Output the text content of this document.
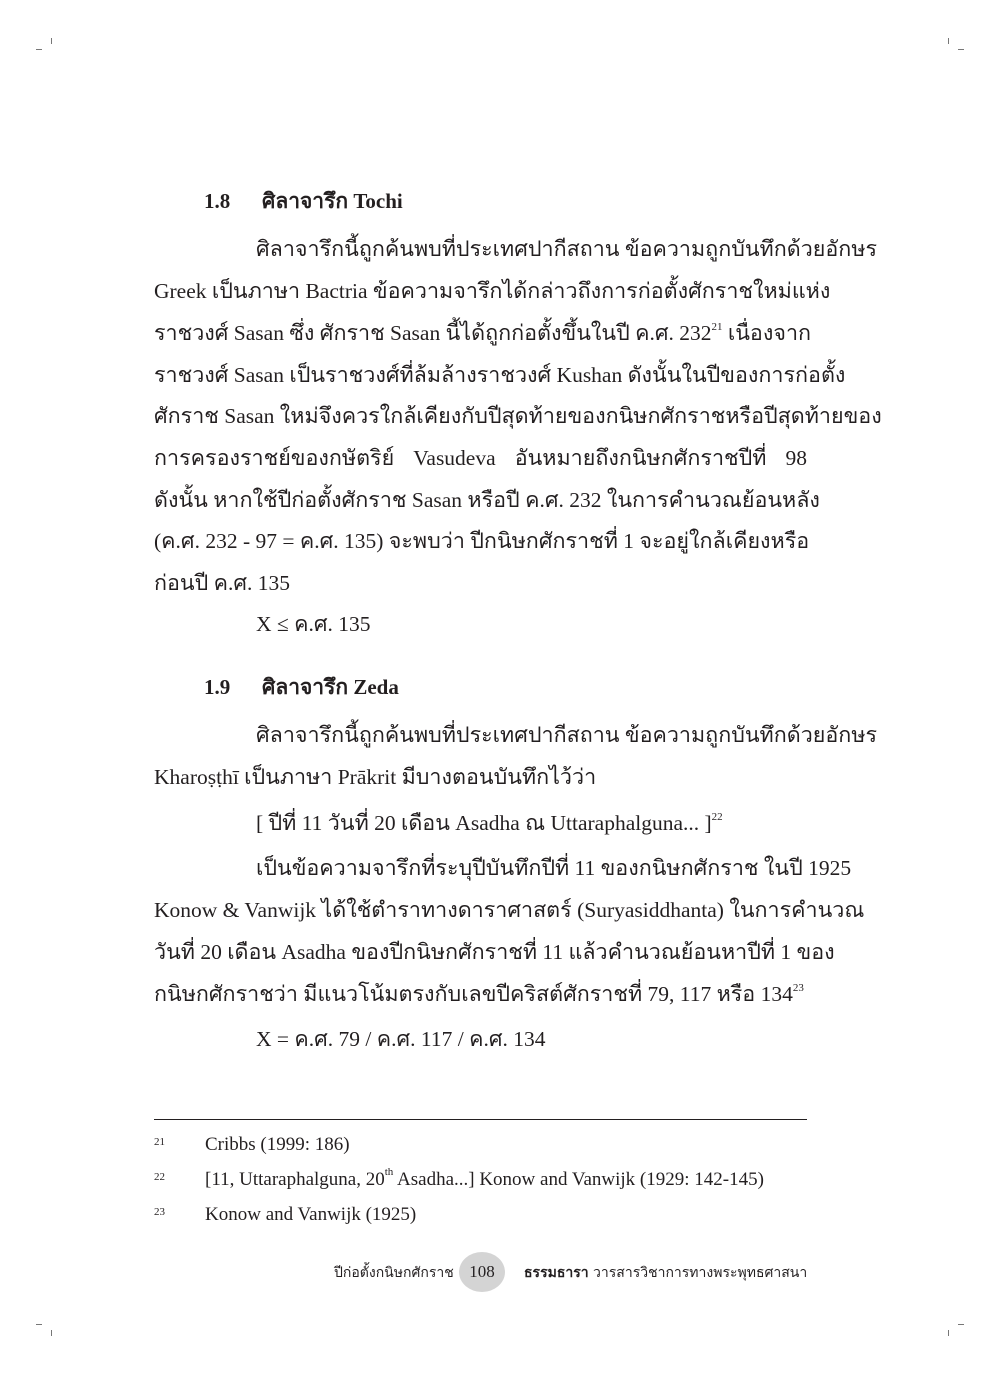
1.8 ศิลาจารึก Tochi
ศิลาจารึกนี้ถูกค้นพบที่ประเทศปากีสถาน ข้อความถูกบันทึกด้วยอักษร
Greek เป็นภาษา Bactria ข้อความจารึกได้กล่าวถึงการก่อตั้งศักราชใหม่แห่ง
ราชวงศ์ Sasan ซึ่ง ศักราช Sasan นี้ได้ถูกก่อตั้งขึ้นในปี ค.ศ. $232^{21}$ เนื่องจาก
ราชวงศ์ Sasan เป็นราชวงศ์ที่ล้มล้างราชวงศ์ Kushan ดังนั้นในปีของการก่อตั้ง
ศักราช Sasan ใหม่จึงควรใกล้เคียงกับปีสุดท้ายของกนิษกศักราชหรือปีสุดท้ายของ
การครองราชย์ของกษัตริย์ Vasudeva อันหมายถึงกนิษกศักราชปีที่ 98
ดังนั้น หากใช้ปีก่อตั้งศักราช Sasan หรือปี ค.ศ. 232 ในการคำนวณย้อนหลัง
(ค.ศ. 232 - 97 = ค.ศ. 135) จะพบว่า ปีกนิษกศักราชที่ 1 จะอยู่ใกล้เคียงหรือ
ก่อนปี ค.ศ. 135
X ≤ ค.ศ. 135
1.9 ศิลาจารึก Zeda
ศิลาจารึกนี้ถูกค้นพบที่ประเทศปากีสถาน ข้อความถูกบันทึกด้วยอักษร
Kharoṣṭhī เป็นภาษา Prākrit มีบางตอนบันทึกไว้ว่า
[ ปีที่ 11 วันที่ 20 เดือน Asadha ณ Uttaraphalguna... ]$^{22}$
เป็นข้อความจารึกที่ระบุปีบันทึกปีที่ 11 ของกนิษกศักราช ในปี 1925
Konow & Vanwijk ได้ใช้ตำราทางดาราศาสตร์ (Suryasiddhanta) ในการคำนวณ
วันที่ 20 เดือน Asadha ของปีกนิษกศักราชที่ 11 แล้วคำนวณย้อนหาปีที่ 1 ของ
กนิษกศักราชว่า มีแนวโน้มตรงกับเลขปีคริสต์ศักราชที่ 79, 117 หรือ $134^{23}$
X = ค.ศ. 79 / ค.ศ. 117 / ค.ศ. 134
21 Cribbs (1999: 186)
22 [11, Uttaraphalguna, 20th Asadha...] Konow and Vanwijk (1929: 142-145)
23 Konow and Vanwijk (1925)
ปีก่อตั้งกนิษกศักราช 108	ธรรมธารา วารสารวิชาการทางพระพุทธศาสนา
